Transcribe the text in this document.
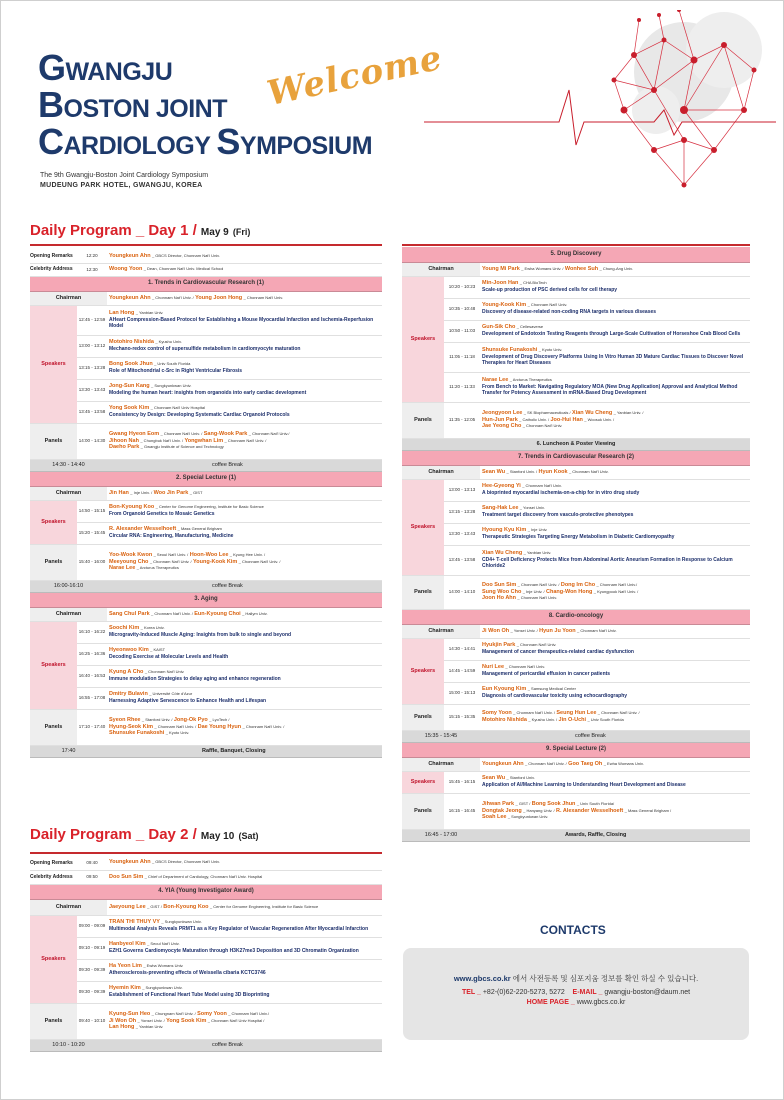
GWANGJU
BOSTON JOINT
CARDIOLOGY SYMPOSIUM
Welcome
The 9th Gwangju-Boston Joint Cardiology Symposium
MUDEUNG PARK HOTEL, GWANGJU, KOREA
Daily Program _ Day 1 / May 9 (Fri)
Opening Remarks	12:20	Youngkeun Ahn _ GBCS Director, Chonnam Nat'l Univ.
Celebrity Address	12:30	Woong Yoon _ Dean, Chonnam Nat'l Univ. Medical School
1. Trends in Cardiovascular Research (1)		
Chairman		Youngkeun Ahn _ Chonnam Nat'l Univ. / Young Joon Hong _ Chonnam Nat'l Univ.
Speakers	12:45 - 12:59	Lan Hong _ Yanbian Univ.
AHeart Compression-Based Protocol for Establishing a Mouse Myocardial Infarction and Ischemia-Reperfusion Model
	13:00 - 13:12	Motohiro Nishida _ Kyushu Univ.
Mechano-redox control of supersulfide metabolism in cardiomyocyte maturation
	13:15 - 13:28	Bong Sook Jhun _ Univ South Florida
Role of Mitochondrial c-Src in Right Ventricular Fibrosis
	13:30 - 13:43	Jong-Sun Kang _ Sungkyunkwan Univ.
Modeling the human heart: insights from organoids into early cardiac development
	13:45 - 13:58	Yong Sook Kim _ Chonnam Nat'l Univ Hospital
Consistency by Design: Developing Systematic Cardiac Organoid Protocols
Panels	14:00 - 14:30	Gwang Hyeon Eom _ Chonnam Nat'l Univ. / Sang-Wook Park _ Chonnam Nat'l Univ./
Jihoon Nah _ Chungbuk Nat'l Univ. / Yongwhan Lim _ Chonnam Nat'l Univ. /
Daeho Park _ Gwangju Institute of Science and Technology
14:30 - 14:40		coffee Break
2. Special Lecture (1)		
Chairman		Jin Han _ Inje Univ. / Woo Jin Park _ GIST
Speakers	14:50 - 15:15	Bon-Kyoung Koo _ Center for Genome Engineering, Institute for Basic Science
From Organoid Genetics to Mosaic Genetics
	15:20 - 15:45	R. Alexander Wesselhoeft _ Mass General Brigham
Circular RNA: Engineering, Manufacturing, Medicine
Panels	15:40 - 16:00	Yoo-Wook Kwon _ Seoul Nat'l Univ. / Hoon-Woo Lee _ Kyung Hee Univ. /
Meeyoung Cho _ Chonnam Nat'l Univ. / Young-Kook Kim _ Chonnam Nat'l Univ. /
Narae Lee _ Arcturus Therapeutics
16:00-16:10		coffee Break
3. Aging		
Chairman		Sang Chul Park _ Chonnam Nat'l Univ. / Eun-Kyoung Choi _ Hallym Univ.
Speakers	16:10 - 16:22	Soochi Kim _ Korea Univ.
Microgravity-Induced Muscle Aging: Insights from bulk to single and beyond
	16:25 - 16:36	Hyeonwoo Kim _ KAIST
Decoding Exercise at Molecular Levels and Health
	16:40 - 16:53	Kyung A Cho _ Chonnam Nat'l Univ.
Immune modulation Strategies to delay aging and enhance regeneration
	16:55 - 17:08	Dmitry Bulavin _ Université Côte d'Azur
Harnessing Adaptive Senescence to Enhance Health and Lifespan
Panels	17:10 - 17:40	Syeon Rhee _ Stanford Univ. / Jong-Ok Pyo _ LyoTech /
Hyung-Seok Kim _ Chonnam Nat'l Univ. / Dae Young Hyun _ Chonnam Nat'l Univ. /
Shunsuke Funakoshi _ Kyoto Univ.
17:40		Raffle, Banquet, Closing
Daily Program _ Day 2 / May 10 (Sat)
Opening Remarks	09:40	Youngkeun Ahn _ GBCS Director, Chonnam Nat'l Univ.
Celebrity Address	09:50	Doo Sun Sim _ Chief of Department of Cardiology, Chonnam Nat'l Univ. Hospital
4. YIA (Young Investigator Award)		
Chairman		Jaeyoung Lee _ GIST / Bon-Kyoung Koo _ Center for Genome Engineering, Institute for Basic Science
Speakers	09:00 - 09:09	TRAN THI THUY VY _ Sungkyunkwan Univ.
Multimodal Analysis Reveals PRMT1 as a Key Regulator of Vascular Regeneration After Myocardial Infarction
	09:10 - 09:19	Hanbyeol Kim _ Seoul Nat'l Univ.
EZH1 Governs Cardiomyocyte Maturation through H3K27me3 Deposition and 3D Chromatin Organization
	09:30 - 09:39	Ha Yeon Lim _ Ewha Womans Univ.
Atherosclerosis-preventing effects of Weissella cibaria KCTC3746
	09:30 - 09:39	Hyemin Kim _ Sungkyunkwan Univ.
Establishment of Functional Heart Tube Model using 3D Bioprinting
Panels	09:40 - 10:10	Kyung-Sun Heo _ Chungnam Nat'l Univ. / Somy Yoon _ Chonnam Nat'l Univ./
Ji Won Oh _ Yonsei Univ. / Yong Sook Kim _ Chonnam Nat'l Univ Hospital /
Lan Hong _ Yanbian Univ.
10:10 - 10:20		coffee Break
5. Drug Discovery		
Chairman		Young Mi Park _ Ewha Womans Univ. / Wonhee Suh _ Chung-Ang Univ.
Speakers	10:20 - 10:23	Min-Joon Han _ CHA BioTech
Scale-up production of PSC derived cells for cell therapy
	10:35 - 10:48	Young-Kook Kim _ Chonnam Nat'l Univ.
Discovery of disease-related non-coding RNA targets in various diseases
	10:50 - 11:03	Gun-Sik Cho _ Cellesaverse
Development of Endotoxin Testing Reagents through Large-Scale Cultivation of Horseshoe Crab Blood Cells
	11:05 - 11:18	Shunsuke Funakoshi _ Kyoto Univ.
Development of Drug Discovery Platforms Using In Vitro Human 3D Mature Cardiac Tissues to Discover Novel Therapies for Heart Diseases
	11:20 - 11:33	Narae Lee _ Arcturus Therapeutics
From Bench to Market: Navigating Regulatory MOA (New Drug Application) Approval and Analytical Method Transfer for Potency Assessment in mRNA-Based Drug Development
Panels	11:35 - 12:05	Jeongyoon Lee _ SK Biopharmaceuticals / Xian Wu Cheng _ Yanbian Univ. /
Hun-Jun Park _ Catholic Univ. / Joo-Hui Han _ Woosuk Univ. /
Jae Yeong Cho _ Chonnam Nat'l Univ.
6. Luncheon & Poster Viewing		
7. Trends in Cardiovascular Research (2)		
Chairman		Sean Wu _ Stanford Univ. / Hyun Kook _ Chonnam Nat'l Univ.
Speakers	13:00 - 13:13	Hee-Gyeong Yi _ Chonnam Nat'l Univ.
A bioprinted myocardial ischemia-on-a-chip for in vitro drug study
	13:15 - 13:28	Sang-Hak Lee _ Yonsei Univ.
Treatment target discovery from vasculo-protective phenotypes
	13:30 - 13:43	Hyoung Kyu Kim _ Inje Univ.
Therapeutic Strategies Targeting Energy Metabolism in Diabetic Cardiomyopathy
	13:45 - 13:58	Xian Wu Cheng _ Yanbian Univ.
CD4+ T-cell Deficiency Protects Mice from Abdominal Aortic Aneurism Formation in Response to Calcium Chloride2
Panels	14:00 - 14:10	Doo Sun Sim _ Chonnam Nat'l Univ. / Dong Im Cho _ Chonnam Nat'l Univ./
Sung Woo Cho _ Inje Univ. / Chang-Won Hong _ Kyungpook Nat'l Univ. /
Joon Ho Ahn _ Chonnam Nat'l Univ.
8. Cardio-oncology		
Chairman		Ji Won Oh _ Yonsei Univ. / Hyun Ju Yoon _ Chonnam Nat'l Univ.
Speakers	14:30 - 14:41	Hyukjin Park _ Chonnam Nat'l Univ.
Management of cancer therapeutics-related cardiac dysfunction
	14:45 - 14:59	Nuri Lee _ Chonnam Nat'l Univ.
Management of pericardial effusion in cancer patients
	15:00 - 15:13	Eun Kyoung Kim _ Samsung Medical Center
Diagnosis of cardiovascular toxicity using echocardiography
Panels	15:15 - 15:35	Somy Yoon _ Chonnam Nat'l Univ. / Seung Hun Lee _ Chonnam Nat'l Univ. /
Motohiro Nishida _ Kyushu Univ. / Jin O-Uchi _ Univ South Florida
15:35 - 15:45		coffee Break
9. Special Lecture (2)		
Chairman		Youngkeun Ahn _ Chonnam Nat'l Univ. / Goo Taeg Oh _ Ewha Womans Univ.
Speakers	15:45 - 16:15	Sean Wu _ Stanford Univ.
Application of AI/Machine Learning to Understanding Heart Development and Disease
Panels	16:15 - 16:45	Jihwan Park _ GIST / Bong Sook Jhun _ Univ South Florida/
Dongtak Jeong _ Hanyang Univ. / R. Alexander Wesselhoeft _ Mass General Brigham /
Soah Lee _ Sungkyunkwan Univ.
16:45 - 17:00		Awards, Raffle, Closing
CONTACTS
www.gbcs.co.kr 에서 사전등록 및 심포지움 정보를 확인 하실 수 있습니다.
TEL _ +82-(0)62-220-5273, 5272 E-MAIL _ gwangju-boston@daum.net
HOME PAGE _ www.gbcs.co.kr
